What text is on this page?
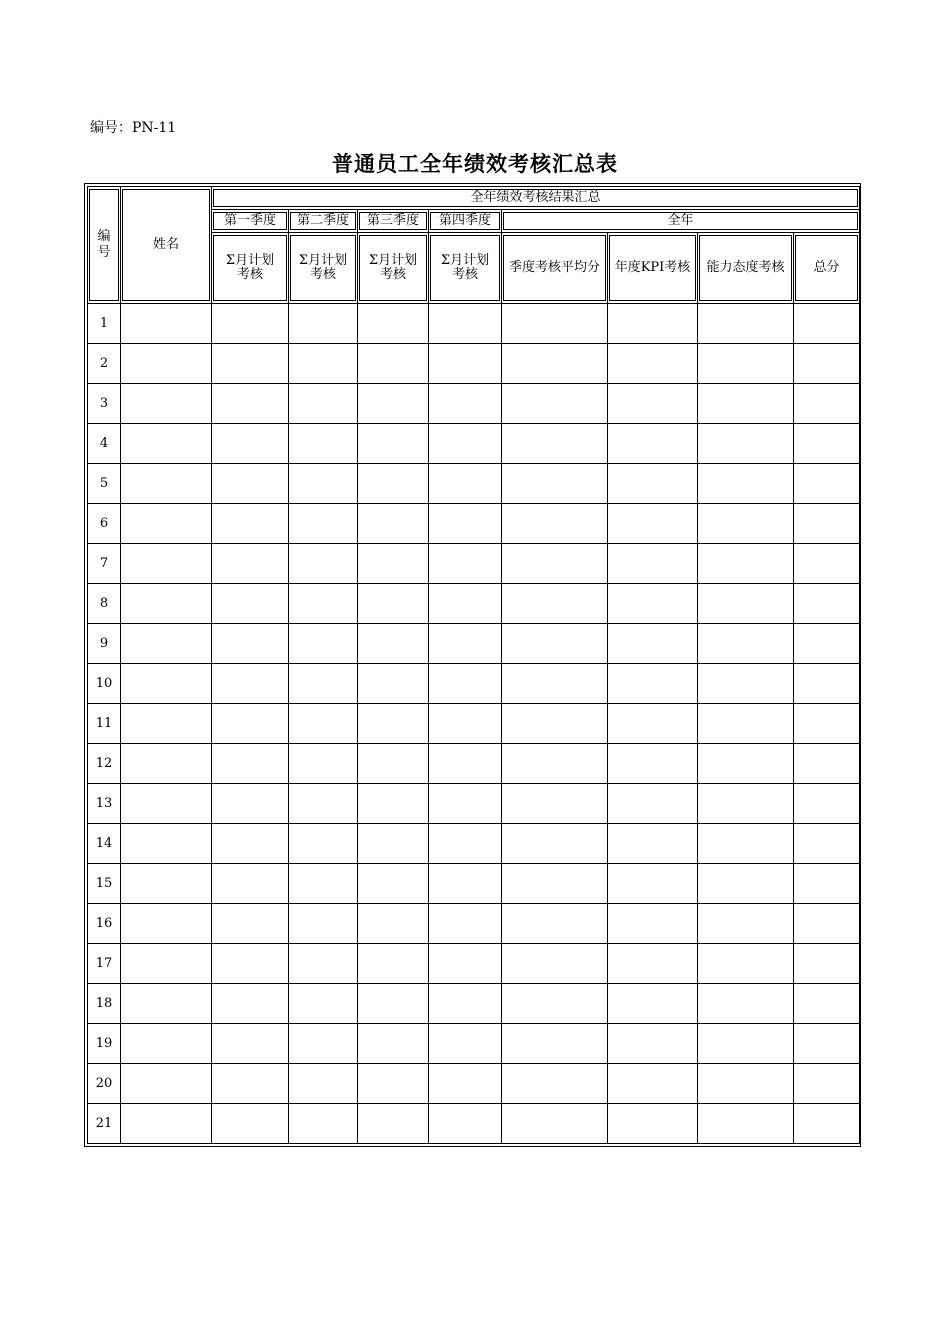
编号：PN-11
普通员工全年绩效考核汇总表
编号	姓名	全年绩效考核结果汇总							

		第一季度	第二季度	第三季度	第四季度	全年			

		Σ月计划考核	Σ月计划考核	Σ月计划考核	Σ月计划考核	季度考核平均分	年度KPI考核	能力态度考核	总分

1									
2									
3									
4									
5									
6									
7									
8									
9									
10									
11									
12									
13									
14									
15									
16									
17									
18									
19									
20									
21									
